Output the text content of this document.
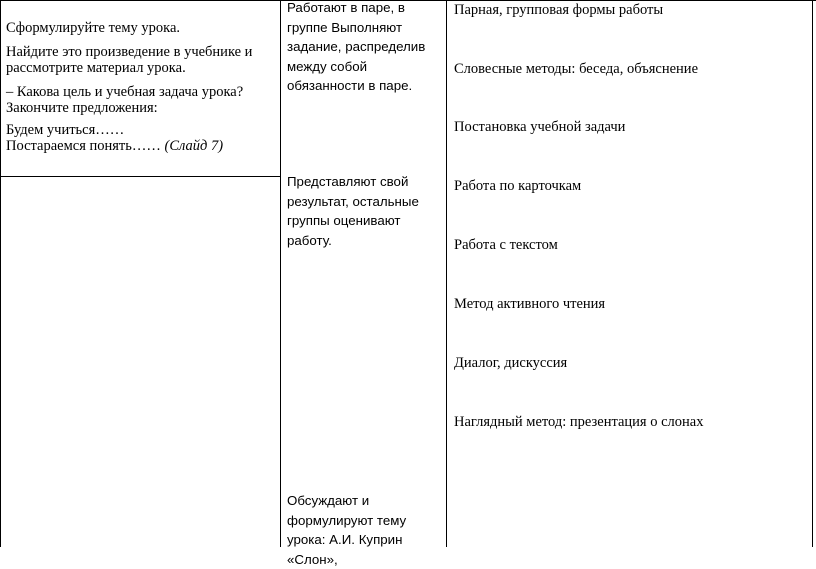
Сформулируйте тему урока.

Найдите это произведение в учебнике и рассмотрите материал урока.

– Какова цель и учебная задача урока?
Закончите предложения:

Будем учиться……
Постараемся понять…… (Слайд 7)

Работают в паре, в группе Выполняют задание, распределив между собой обязанности в паре.
Представляют свой результат, остальные группы оценивают работу.
Обсуждают и формулируют тему урока: А.И. Куприн «Слон»,
Парная, групповая формы работы
Словесные методы: беседа, объяснение
Постановка учебной задачи
Работа по карточкам
Работа с текстом
Метод активного чтения
Диалог, дискуссия
Наглядный метод: презентация о слонах
